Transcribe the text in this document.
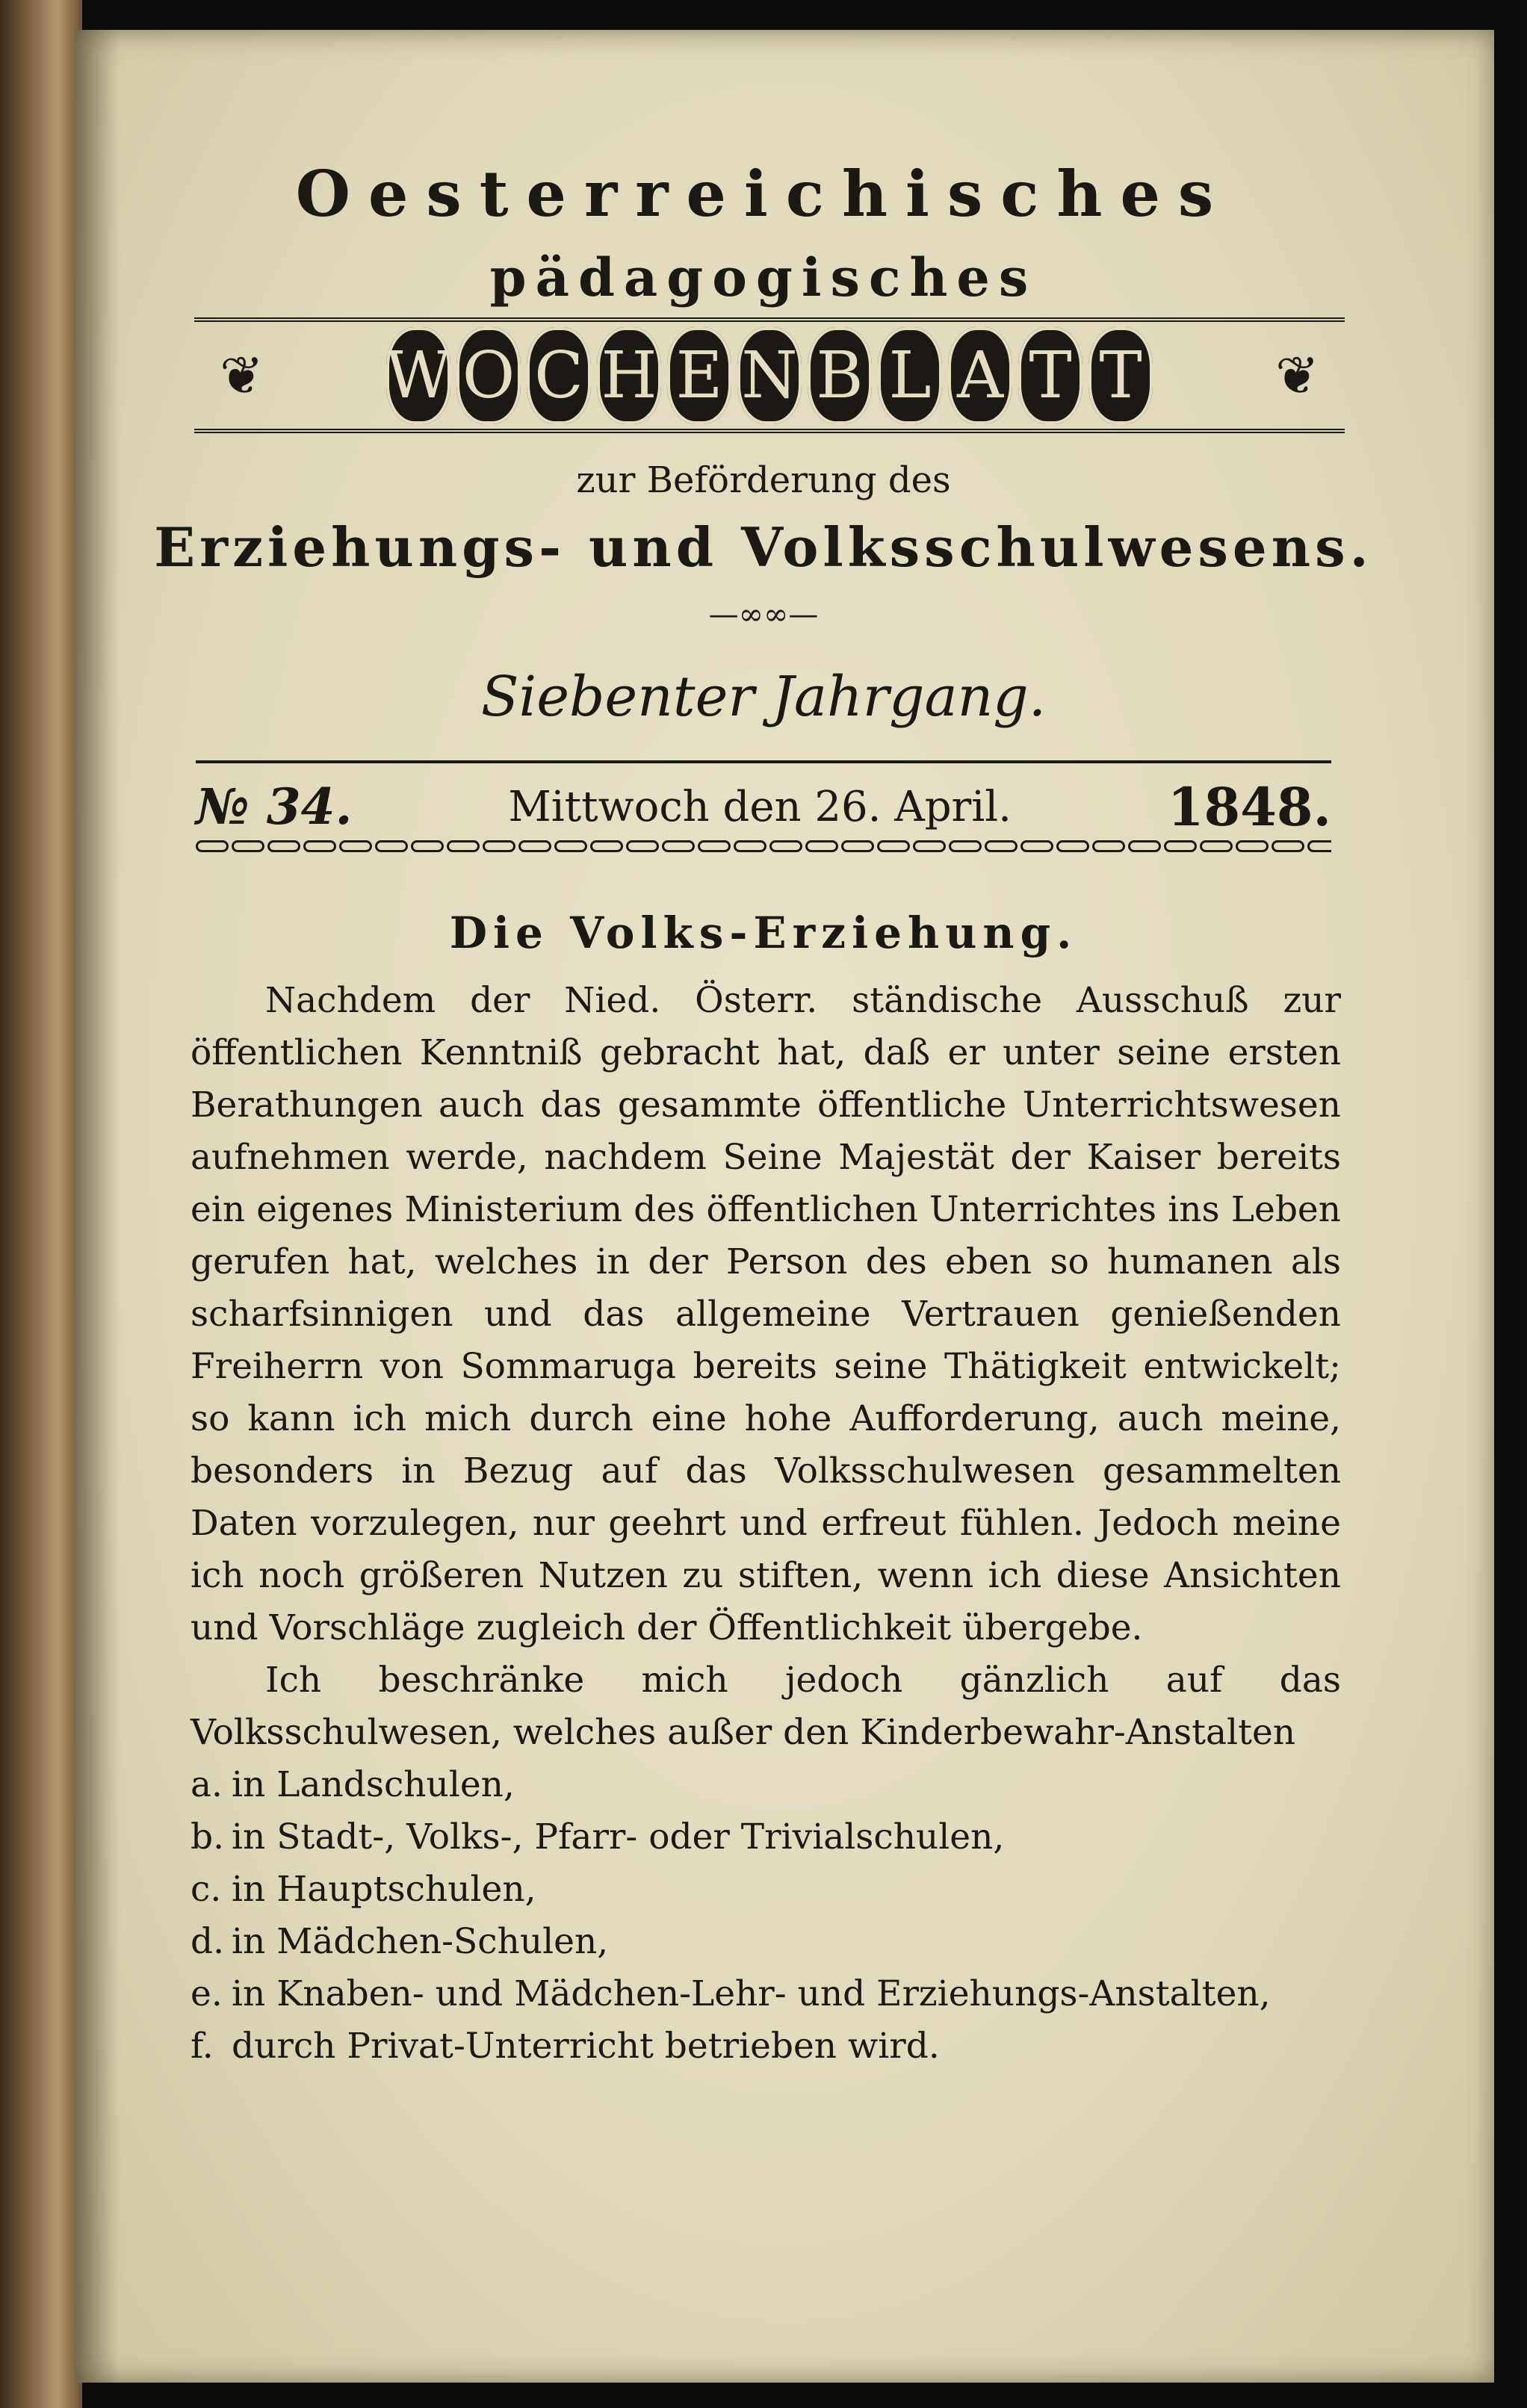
Oesterreichisches
pädagogisches
❦ W O C H E N B L A T T	❦
zur Beförderung des
Erziehungs- und Volksschulwesens.
—∞∞—
Siebenter Jahrgang.
№ 34.	Mittwoch den 26. April.	1848.
Die Volks-Erziehung.

Nachdem der Nied. Österr. ständische Ausschuß zur öffentlichen Kenntniß gebracht hat, daß er unter seine ersten Berathungen auch das gesammte öffentliche Unterrichtswesen aufnehmen werde, nachdem Seine Majestät der Kaiser bereits ein eigenes Ministerium des öffentlichen Unterrichtes ins Leben gerufen hat, welches in der Person des eben so humanen als scharfsinnigen und das allgemeine Vertrauen genießenden Freiherrn von Sommaruga bereits seine Thätigkeit entwickelt; so kann ich mich durch eine hohe Aufforderung, auch meine, besonders in Bezug auf das Volksschulwesen gesammelten Daten vorzulegen, nur geehrt und erfreut fühlen. Jedoch meine ich noch größeren Nutzen zu stiften, wenn ich diese Ansichten und Vorschläge zugleich der Öffentlichkeit übergebe.

Ich beschränke mich jedoch gänzlich auf das Volksschulwesen, welches außer den Kinderbewahr-Anstalten

a. in Landschulen,
b. in Stadt-, Volks-, Pfarr- oder Trivialschulen,
c. in Hauptschulen,
d. in Mädchen-Schulen,
e. in Knaben- und Mädchen-Lehr- und Erziehungs-Anstalten,
f. durch Privat-Unterricht betrieben wird.
